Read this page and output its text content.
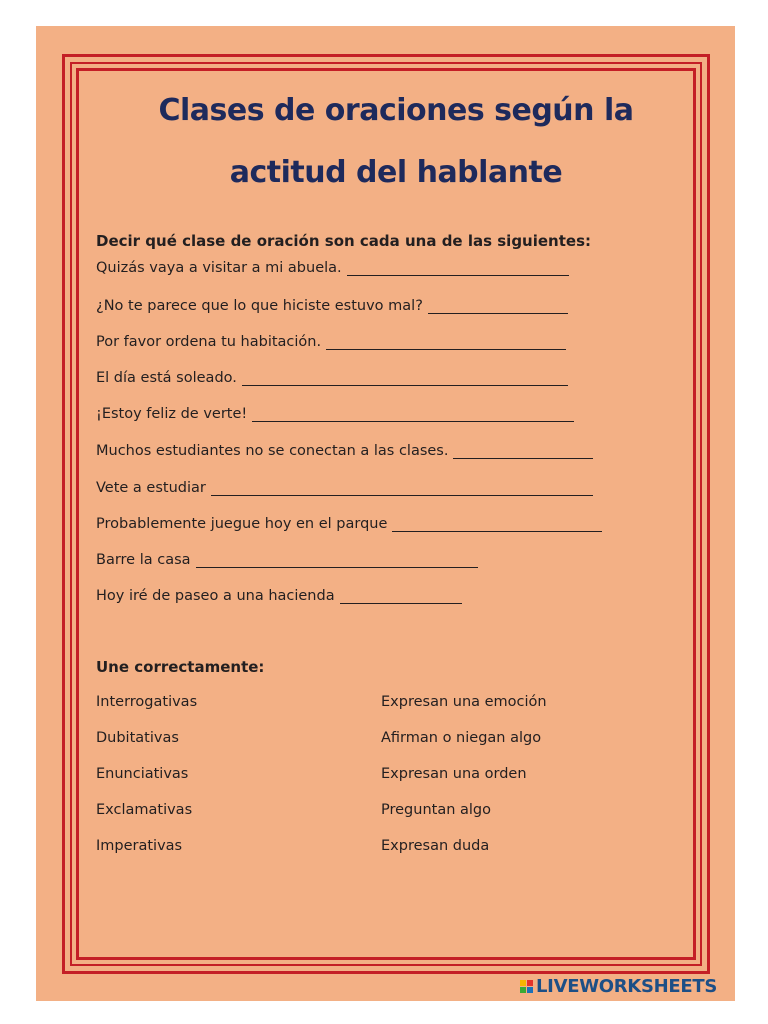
Clases de oraciones según la
actitud del hablante
Decir qué clase de oración son cada una de las siguientes:
Quizás vaya a visitar a mi abuela.
¿No te parece que lo que hiciste estuvo mal?
Por favor ordena tu habitación.
El día está soleado.
¡Estoy feliz de verte!
Muchos estudiantes no se conectan a las clases.
Vete a estudiar
Probablemente juegue hoy en el parque
Barre la casa
Hoy iré de paseo a una hacienda
Une correctamente:
Interrogativas	Expresan una emoción
Dubitativas	Afirman o niegan algo
Enunciativas	Expresan una orden
Exclamativas	Preguntan algo
Imperativas	Expresan duda
LIVEWORKSHEETS
